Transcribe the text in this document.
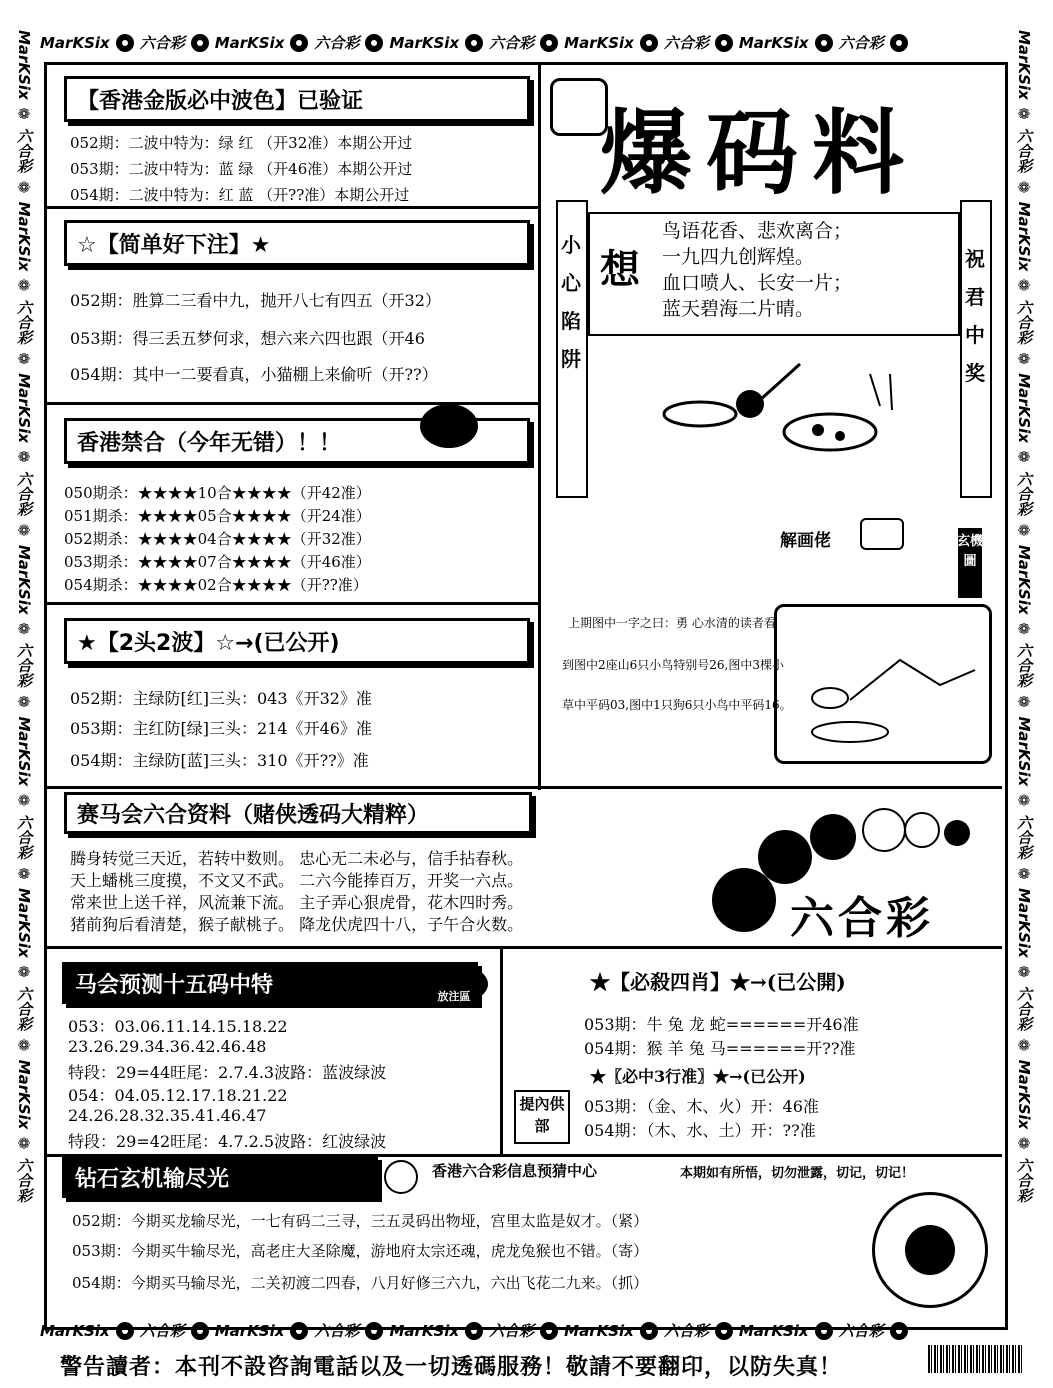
MarKSix 六合彩 MarKSix 六合彩 MarKSix 六合彩 MarKSix 六合彩 MarKSix 六合彩
MarKSix 六合彩 MarKSix 六合彩 MarKSix 六合彩 MarKSix 六合彩 MarKSix 六合彩
MarKSix ❁ 六合彩 ❁ MarKSix ❁ 六合彩 ❁ MarKSix ❁ 六合彩 ❁ MarKSix ❁ 六合彩 ❁ MarKSix ❁ 六合彩 ❁ MarKSix ❁ 六合彩 ❁ MarKSix ❁ 六合彩
MarKSix ❁ 六合彩 ❁ MarKSix ❁ 六合彩 ❁ MarKSix ❁ 六合彩 ❁ MarKSix ❁ 六合彩 ❁ MarKSix ❁ 六合彩 ❁ MarKSix ❁ 六合彩 ❁ MarKSix ❁ 六合彩
【香港金版必中波色】已验证
052期：二波中特为：绿 红 （开32准）本期公开过
053期：二波中特为：蓝 绿 （开46准）本期公开过
054期：二波中特为：红 蓝 （开??准）本期公开过
☆【简单好下注】★
052期：胜算二三看中九，抛开八七有四五（开32）
053期：得三丢五梦何求，想六来六四也跟（开46
054期：其中一二要看真，小猫棚上来偷听（开??）
香港禁合（今年无错）！！
050期杀：★★★★10合★★★★（开42准）
051期杀：★★★★05合★★★★（开24准）
052期杀：★★★★04合★★★★（开32准）
053期杀：★★★★07合★★★★（开46准）
054期杀：★★★★02合★★★★（开??准）
★【2头2波】☆→(已公开)
052期：主绿防[红]三头：043《开32》准
053期：主红防[绿]三头：214《开46》准
054期：主绿防[蓝]三头：310《开??》准
爆码料
小心陷阱
祝君中奖
想
鸟语花香、悲欢离合；
一九四九创辉煌。
血口喷人、长安一片；
蓝天碧海二片晴。
解画佬	玄機圖
上期图中一字之曰：勇 心水清的读者看
到图中2座山6只小鸟特别号26,图中3棵小
草中平码03,图中1只狗6只小鸟中平码16。
赛马会六合资料（赌侠透码大精粹）
腾身转觉三天近，若转中数则。 忠心无二未必与，信手拈春秋。
天上蟠桃三度摸，不文又不武。 二六今能捧百万，开奖一六点。
常来世上送千祥，风流兼下流。 主子弄心狠虎骨，花木四时秀。
猪前狗后看清楚，猴子献桃子。 降龙伏虎四十八，子午合火数。	六合彩
马会预测十五码中特	放注區
053：03.06.11.14.15.18.22
23.26.29.34.36.42.46.48
特段：29=44旺尾：2.7.4.3波路：蓝波绿波
054：04.05.12.17.18.21.22
24.26.28.32.35.41.46.47
特段：29=42旺尾：4.7.2.5波路：红波绿波
★【必殺四肖】★→(已公開)
053期：牛 兔 龙 蛇======开46准
054期：猴 羊 兔 马======开??准
★〖必中3行准〗★→(已公开)
053期：（金、木、火）开：46准
054期：（木、水、土）开：??准
提內供部
钻石玄机输尽光	香港六合彩信息预猜中心	本期如有所悟，切勿泄露，切记，切记！
052期：今期买龙输尽光，一七有码二三寻，三五灵码出物垭，宫里太监是奴才。（紧）
053期：今期买牛输尽光，高老庄大圣除魔，游地府太宗还魂，虎龙兔猴也不错。（寄）
054期：今期买马输尽光，二关初渡二四春，八月好修三六九，六出飞花二九来。（抓）
警告讀者：本刊不設咨詢電話以及一切透碼服務！敬請不要翻印，以防失真！
